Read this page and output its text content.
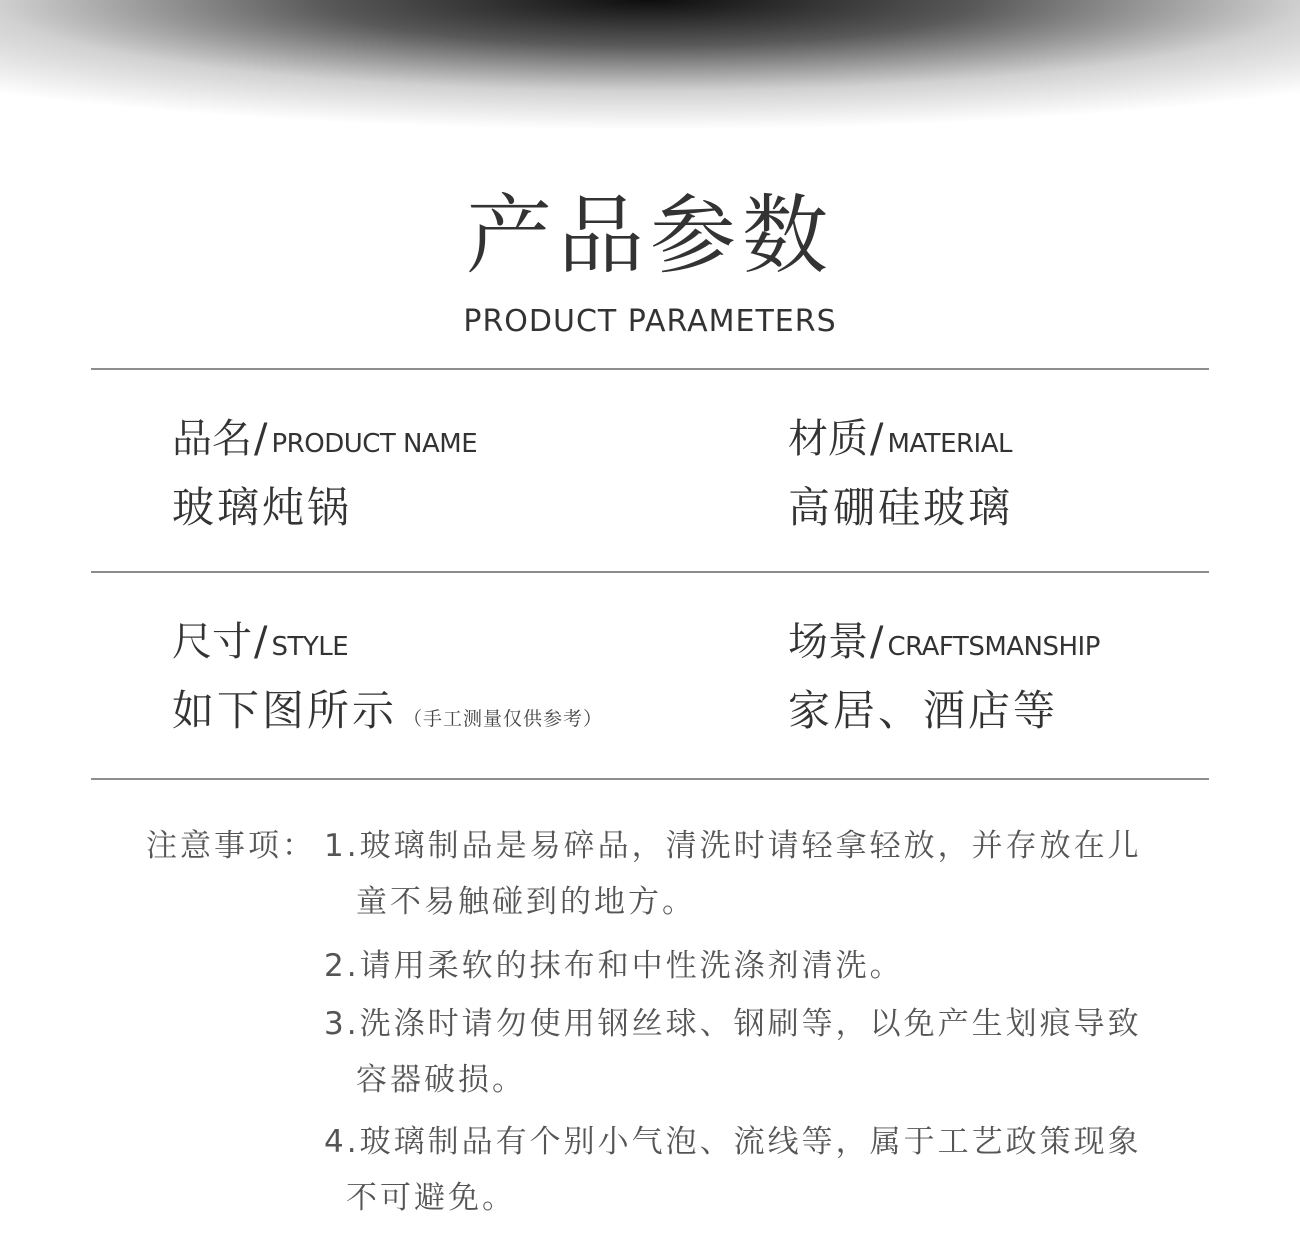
产品参数
PRODUCT PARAMETERS
品名/ PRODUCT NAME
玻璃炖锅
材质/ MATERIAL
高硼硅玻璃
尺寸/ STYLE
如下图所示 （手工测量仅供参考）
场景/ CRAFTSMANSHIP
家居、酒店等
注意事项： 1.玻璃制品是易碎品，清洗时请轻拿轻放，并存放在儿
童不易触碰到的地方。
2.请用柔软的抹布和中性洗涤剂清洗。
3.洗涤时请勿使用钢丝球、钢刷等，以免产生划痕导致
容器破损。
4.玻璃制品有个别小气泡、流线等，属于工艺政策现象
不可避免。
